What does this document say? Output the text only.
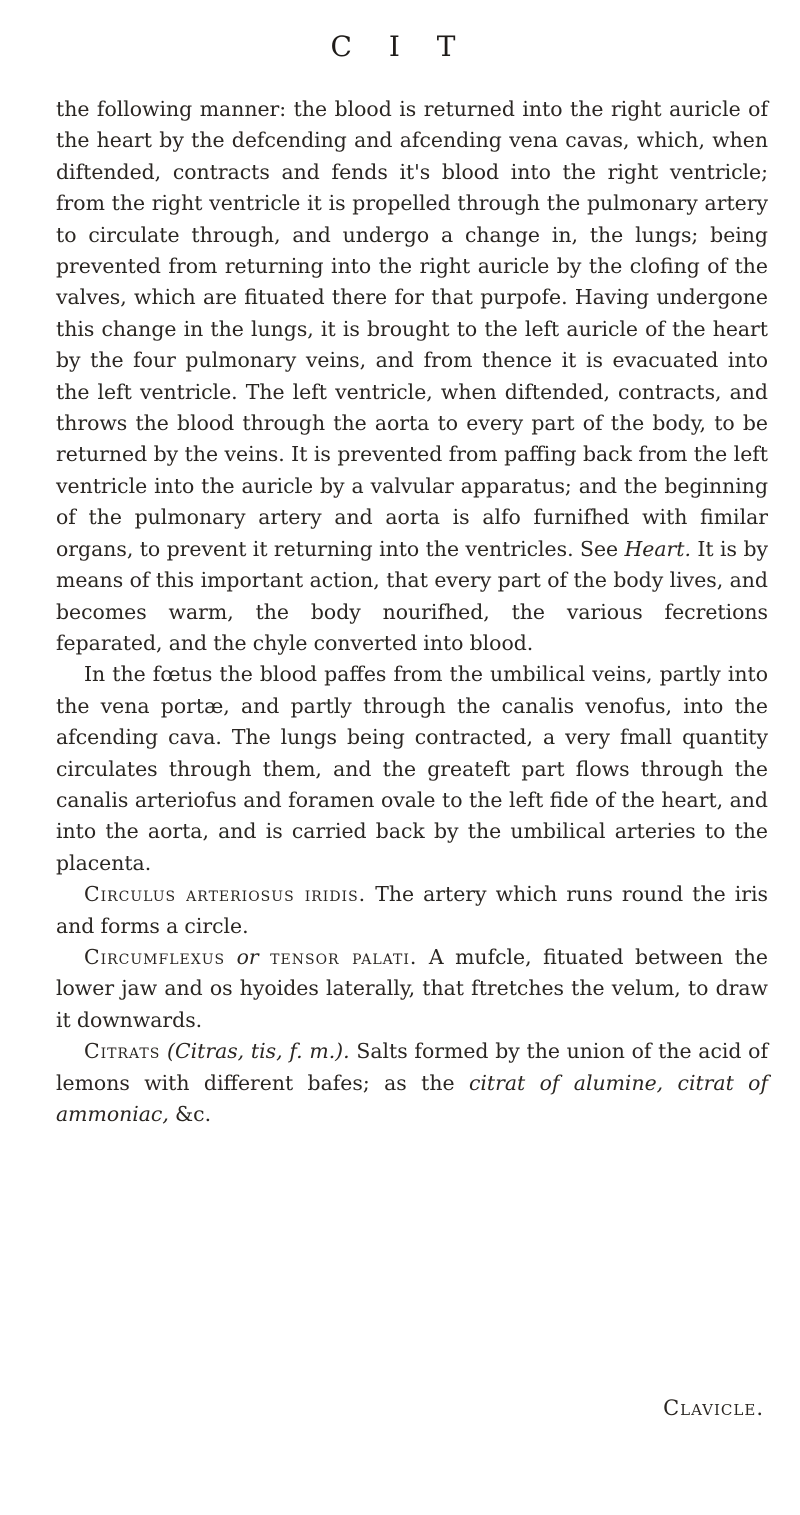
C I T

the following manner: the blood is returned into the right auricle of the heart by the defcending and afcending vena cavas, which, when diftended, contracts and fends it's blood into the right ventricle; from the right ventricle it is propelled through the pulmonary artery to circulate through, and undergo a change in, the lungs; being prevented from returning into the right auricle by the clofing of the valves, which are fituated there for that purpofe. Having undergone this change in the lungs, it is brought to the left auricle of the heart by the four pulmonary veins, and from thence it is evacuated into the left ventricle. The left ventricle, when diftended, contracts, and throws the blood through the aorta to every part of the body, to be returned by the veins. It is prevented from paffing back from the left ventricle into the auricle by a valvular apparatus; and the beginning of the pulmonary artery and aorta is alfo furnifhed with fimilar organs, to prevent it returning into the ventricles. See Heart. It is by means of this important action, that every part of the body lives, and becomes warm, the body nourifhed, the various fecretions feparated, and the chyle converted into blood.

In the fœtus the blood paffes from the umbilical veins, partly into the vena portæ, and partly through the canalis venofus, into the afcending cava. The lungs being contracted, a very fmall quantity circulates through them, and the greateft part flows through the canalis arteriofus and foramen ovale to the left fide of the heart, and into the aorta, and is carried back by the umbilical arteries to the placenta.

Circulus arteriosus iridis. The artery which runs round the iris and forms a circle.

Circumflexus or tensor palati. A mufcle, fituated between the lower jaw and os hyoides laterally, that ftretches the velum, to draw it downwards.

Citrats (Citras, tis, f. m.). Salts formed by the union of the acid of lemons with different bafes; as the citrat of alumine, citrat of ammoniac, &c.

Clavicle.
